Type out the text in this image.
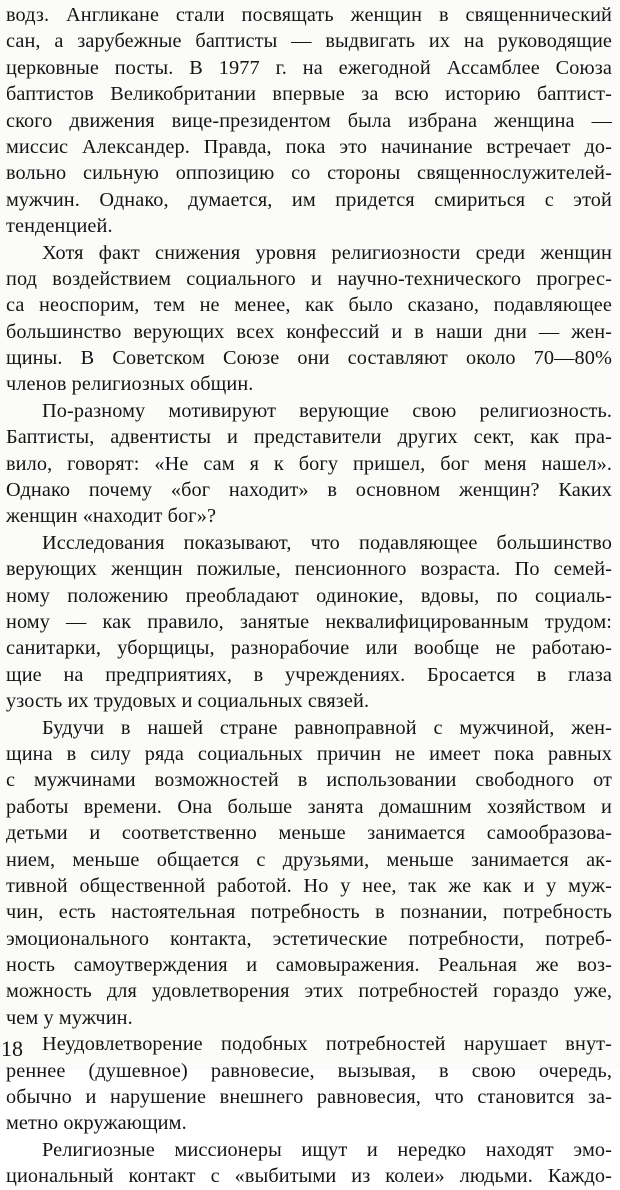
водз. Англикане стали посвящать женщин в священнический
сан, а зарубежные баптисты — выдвигать их на руководящие
церковные посты. В 1977 г. на ежегодной Ассамблее Союза
баптистов Великобритании впервые за всю историю баптист-
ского движения вице-президентом была избрана женщина —
миссис Александер. Правда, пока это начинание встречает до-
вольно сильную оппозицию со стороны священнослужителей-
мужчин. Однако, думается, им придется смириться с этой
тенденцией.
Хотя факт снижения уровня религиозности среди женщин
под воздействием социального и научно-технического прогрес-
са неоспорим, тем не менее, как было сказано, подавляющее
большинство верующих всех конфессий и в наши дни — жен-
щины. В Советском Союзе они составляют около 70—80%
членов религиозных общин.
По-разному мотивируют верующие свою религиозность.
Баптисты, адвентисты и представители других сект, как пра-
вило, говорят: «Не сам я к богу пришел, бог меня нашел».
Однако почему «бог находит» в основном женщин? Каких
женщин «находит бог»?
Исследования показывают, что подавляющее большинство
верующих женщин пожилые, пенсионного возраста. По семей-
ному положению преобладают одинокие, вдовы, по социаль-
ному — как правило, занятые неквалифицированным трудом:
санитарки, уборщицы, разнорабочие или вообще не работаю-
щие на предприятиях, в учреждениях. Бросается в глаза
узость их трудовых и социальных связей.
Будучи в нашей стране равноправной с мужчиной, жен-
щина в силу ряда социальных причин не имеет пока равных
с мужчинами возможностей в использовании свободного от
работы времени. Она больше занята домашним хозяйством и
детьми и соответственно меньше занимается самообразова-
нием, меньше общается с друзьями, меньше занимается ак-
тивной общественной работой. Но у нее, так же как и у муж-
чин, есть настоятельная потребность в познании, потребность
эмоционального контакта, эстетические потребности, потреб-
ность самоутверждения и самовыражения. Реальная же воз-
можность для удовлетворения этих потребностей гораздо уже,
чем у мужчин.
Неудовлетворение подобных потребностей нарушает внут-
реннее (душевное) равновесие, вызывая, в свою очередь,
обычно и нарушение внешнего равновесия, что становится за-
метно окружающим.
Религиозные миссионеры ищут и нередко находят эмо-
циональный контакт с «выбитыми из колеи» людьми. Каждо-
18
